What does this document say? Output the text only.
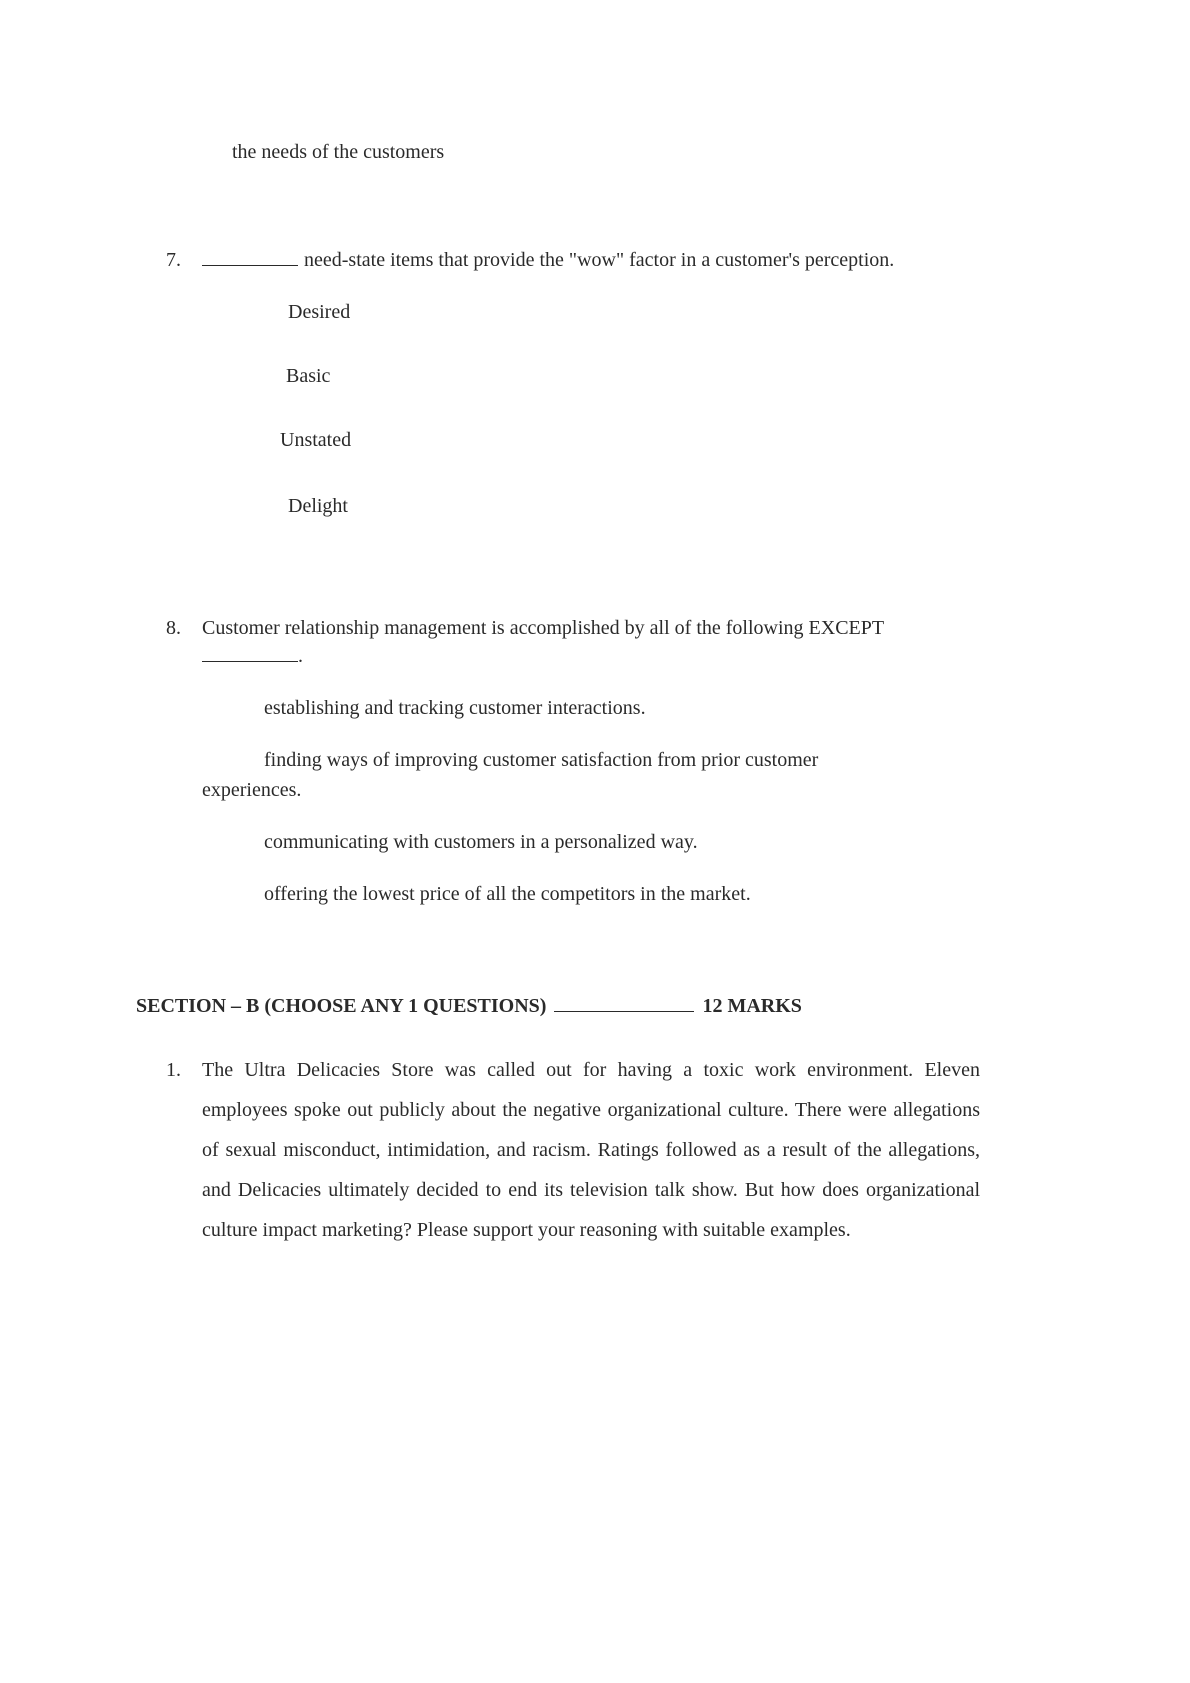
the needs of the customers
7.	need-state items that provide the "wow" factor in a customer's perception.
Desired
Basic
Unstated
Delight
8. Customer relationship management is accomplished by all of the following EXCEPT
.
establishing and tracking customer interactions.
finding ways of improving customer satisfaction from prior customer
experiences.
communicating with customers in a personalized way.
offering the lowest price of all the competitors in the market.
SECTION – B (CHOOSE ANY 1 QUESTIONS)	12 MARKS
1. The Ultra Delicacies Store was called out for having a toxic work environment. Eleven employees spoke out publicly about the negative organizational culture. There were allegations of sexual misconduct, intimidation, and racism. Ratings followed as a result of the allegations, and Delicacies ultimately decided to end its television talk show. But how does organizational culture impact marketing? Please support your reasoning with suitable examples.
